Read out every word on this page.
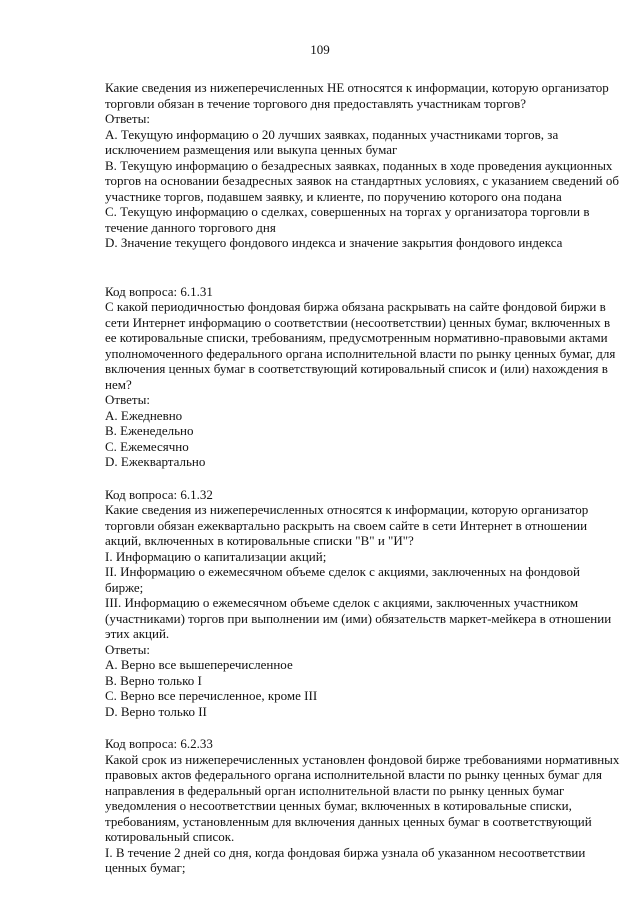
109

Какие сведения из нижеперечисленных НЕ относятся к информации, которую организатор торговли обязан в течение торгового дня предоставлять участникам торгов?

Ответы:

A. Текущую информацию о 20 лучших заявках, поданных участниками торгов, за исключением размещения или выкупа ценных бумаг

B. Текущую информацию о безадресных заявках, поданных в ходе проведения аукционных торгов на основании безадресных заявок на стандартных условиях, с указанием сведений об участнике торгов, подавшем заявку, и клиенте, по поручению которого она подана

C. Текущую информацию о сделках, совершенных на торгах у организатора торговли в течение данного торгового дня

D. Значение текущего фондового индекса и значение закрытия фондового индекса

Код вопроса: 6.1.31

С какой периодичностью фондовая биржа обязана раскрывать на сайте фондовой биржи в сети Интернет информацию о соответствии (несоответствии) ценных бумаг, включенных в ее котировальные списки, требованиям, предусмотренным нормативно-правовыми актами уполномоченного федерального органа исполнительной власти по рынку ценных бумаг, для включения ценных бумаг в соответствующий котировальный список и (или) нахождения в нем?

Ответы:

A. Ежедневно

B. Еженедельно

C. Ежемесячно

D. Ежеквартально

Код вопроса: 6.1.32

Какие сведения из нижеперечисленных относятся к информации, которую организатор торговли обязан ежеквартально раскрыть на своем сайте в сети Интернет в отношении акций, включенных в котировальные списки "В" и "И"?

I. Информацию о капитализации акций;

II. Информацию о ежемесячном объеме сделок с акциями, заключенных на фондовой бирже;

III. Информацию о ежемесячном объеме сделок с акциями, заключенных участником (участниками) торгов при выполнении им (ими) обязательств маркет-мейкера в отношении этих акций.

Ответы:

A. Верно все вышеперечисленное

B. Верно только I

C. Верно все перечисленное, кроме III

D. Верно только II

Код вопроса: 6.2.33

Какой срок из нижеперечисленных установлен фондовой бирже требованиями нормативных правовых актов федерального органа исполнительной власти по рынку ценных бумаг для направления в федеральный орган исполнительной власти по рынку ценных бумаг уведомления о несоответствии ценных бумаг, включенных в котировальные списки, требованиям, установленным для включения данных ценных бумаг в соответствующий котировальный список.

I. В течение 2 дней со дня, когда фондовая биржа узнала об указанном несоответствии ценных бумаг;
